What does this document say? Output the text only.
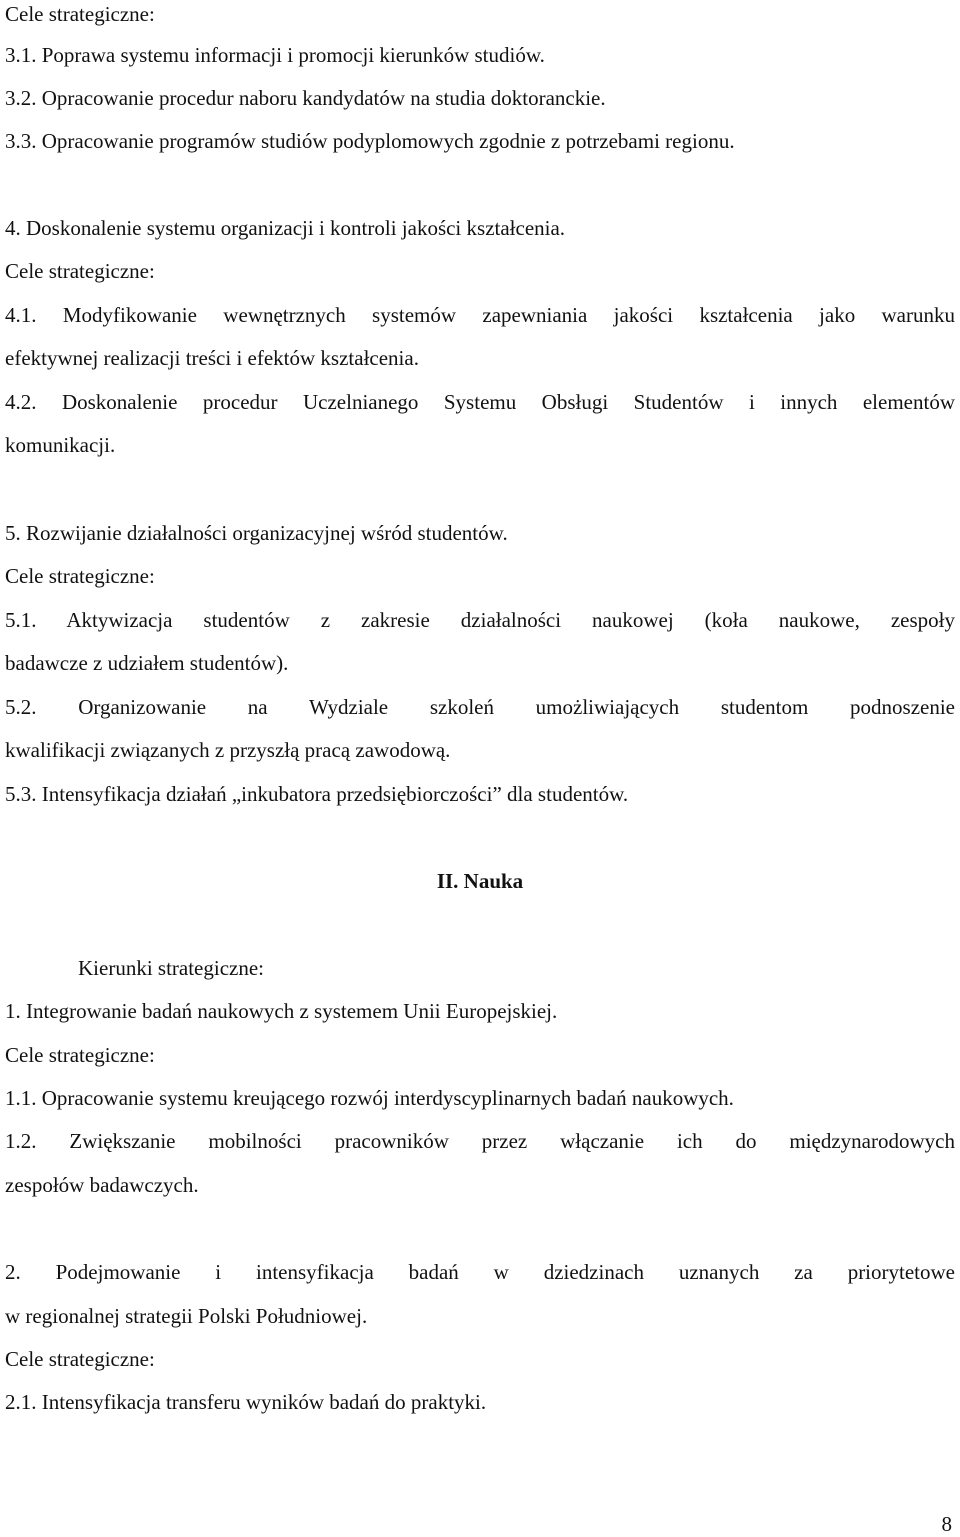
Cele strategiczne:
3.1. Poprawa systemu informacji i promocji kierunków studiów.
3.2. Opracowanie procedur naboru kandydatów na studia doktoranckie.
3.3. Opracowanie programów studiów podyplomowych zgodnie z potrzebami regionu.
4. Doskonalenie systemu organizacji i kontroli jakości kształcenia.
Cele strategiczne:
4.1. Modyfikowanie wewnętrznych systemów zapewniania jakości kształcenia jako warunku
efektywnej realizacji treści i efektów kształcenia.
4.2. Doskonalenie procedur Uczelnianego Systemu Obsługi Studentów i innych elementów
komunikacji.
5. Rozwijanie działalności organizacyjnej wśród studentów.
Cele strategiczne:
5.1. Aktywizacja studentów z zakresie działalności naukowej (koła naukowe, zespoły
badawcze z udziałem studentów).
5.2. Organizowanie na Wydziale szkoleń umożliwiających studentom podnoszenie
kwalifikacji związanych z przyszłą pracą zawodową.
5.3. Intensyfikacja działań „inkubatora przedsiębiorczości” dla studentów.
II. Nauka
Kierunki strategiczne:
1. Integrowanie badań naukowych z systemem Unii Europejskiej.
Cele strategiczne:
1.1. Opracowanie systemu kreującego rozwój interdyscyplinarnych badań naukowych.
1.2. Zwiększanie mobilności pracowników przez włączanie ich do międzynarodowych
zespołów badawczych.
2. Podejmowanie i intensyfikacja badań w dziedzinach uznanych za priorytetowe
w regionalnej strategii Polski Południowej.
Cele strategiczne:
2.1. Intensyfikacja transferu wyników badań do praktyki.
8
